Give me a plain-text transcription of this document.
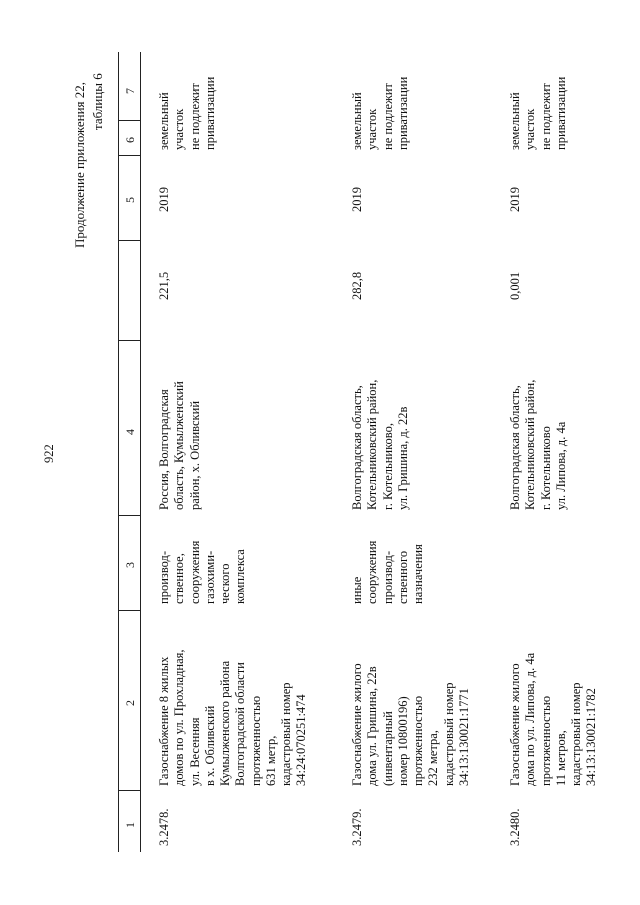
922
Продолжение приложения 22, таблицы 6 7
6
5
4
3
2
1 3.2478.
Газоснабжение 8 жилых домов по ул. Прохладная, ул. Весенняя в х. Обливский Кумылженского района Волгоградской области протяженностью 631 метр, кадастровый номер 34:24:070251:474
производ- ственное, сооружения газохими- ческого комплекса
Россия, Волгоградская область, Кумылженский район, х. Обливский
221,5
2019
земельный участок не подлежит приватизации
3.2479.
Газоснабжение жилого дома ул. Гришина, 22в (инвентарный номер 10800196) протяженностью 232 метра, кадастровый номер 34:13:130021:1771
иные сооружения производ- ственного назначения
Волгоградская область, Котельниковский район, г. Котельниково, ул. Гришина, д. 22в
282,8
2019
земельный участок не подлежит приватизации
3.2480.
Газоснабжение жилого дома по ул. Липова, д. 4а протяженностью 11 метров, кадастровый номер 34:13:130021:1782
Волгоградская область, Котельниковский район, г. Котельниково ул. Липова, д. 4а
0,001
2019
земельный участок не подлежит приватизации
